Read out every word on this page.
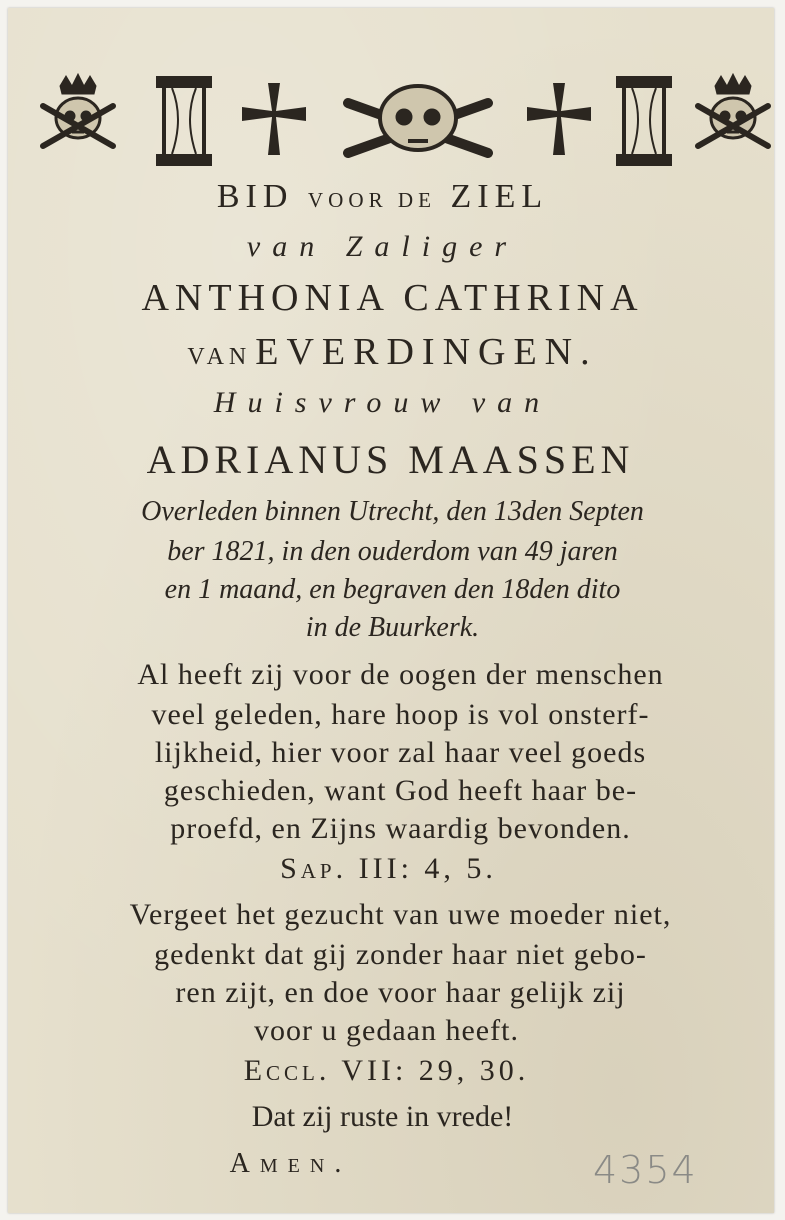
BID VOOR DE ZIEL
van Zaliger
ANTHONIA CATHRINA
VAN EVERDINGEN.
Huisvrouw van
ADRIANUS MAASSEN
Overleden binnen Utrecht, den 13den Septen
ber 1821, in den ouderdom van 49 jaren
en 1 maand, en begraven den 18den dito
in de Buurkerk.
Al heeft zij voor de oogen der menschen
veel geleden, hare hoop is vol onsterf-
lijkheid, hier voor zal haar veel goeds
geschieden, want God heeft haar be-
proefd, en Zijns waardig bevonden.
Sap. III: 4, 5.
Vergeet het gezucht van uwe moeder niet,
gedenkt dat gij zonder haar niet gebo-
ren zijt, en doe voor haar gelijk zij
voor u gedaan heeft.
Eccl. VII: 29, 30.
Dat zij ruste in vrede!
Amen.	4354
